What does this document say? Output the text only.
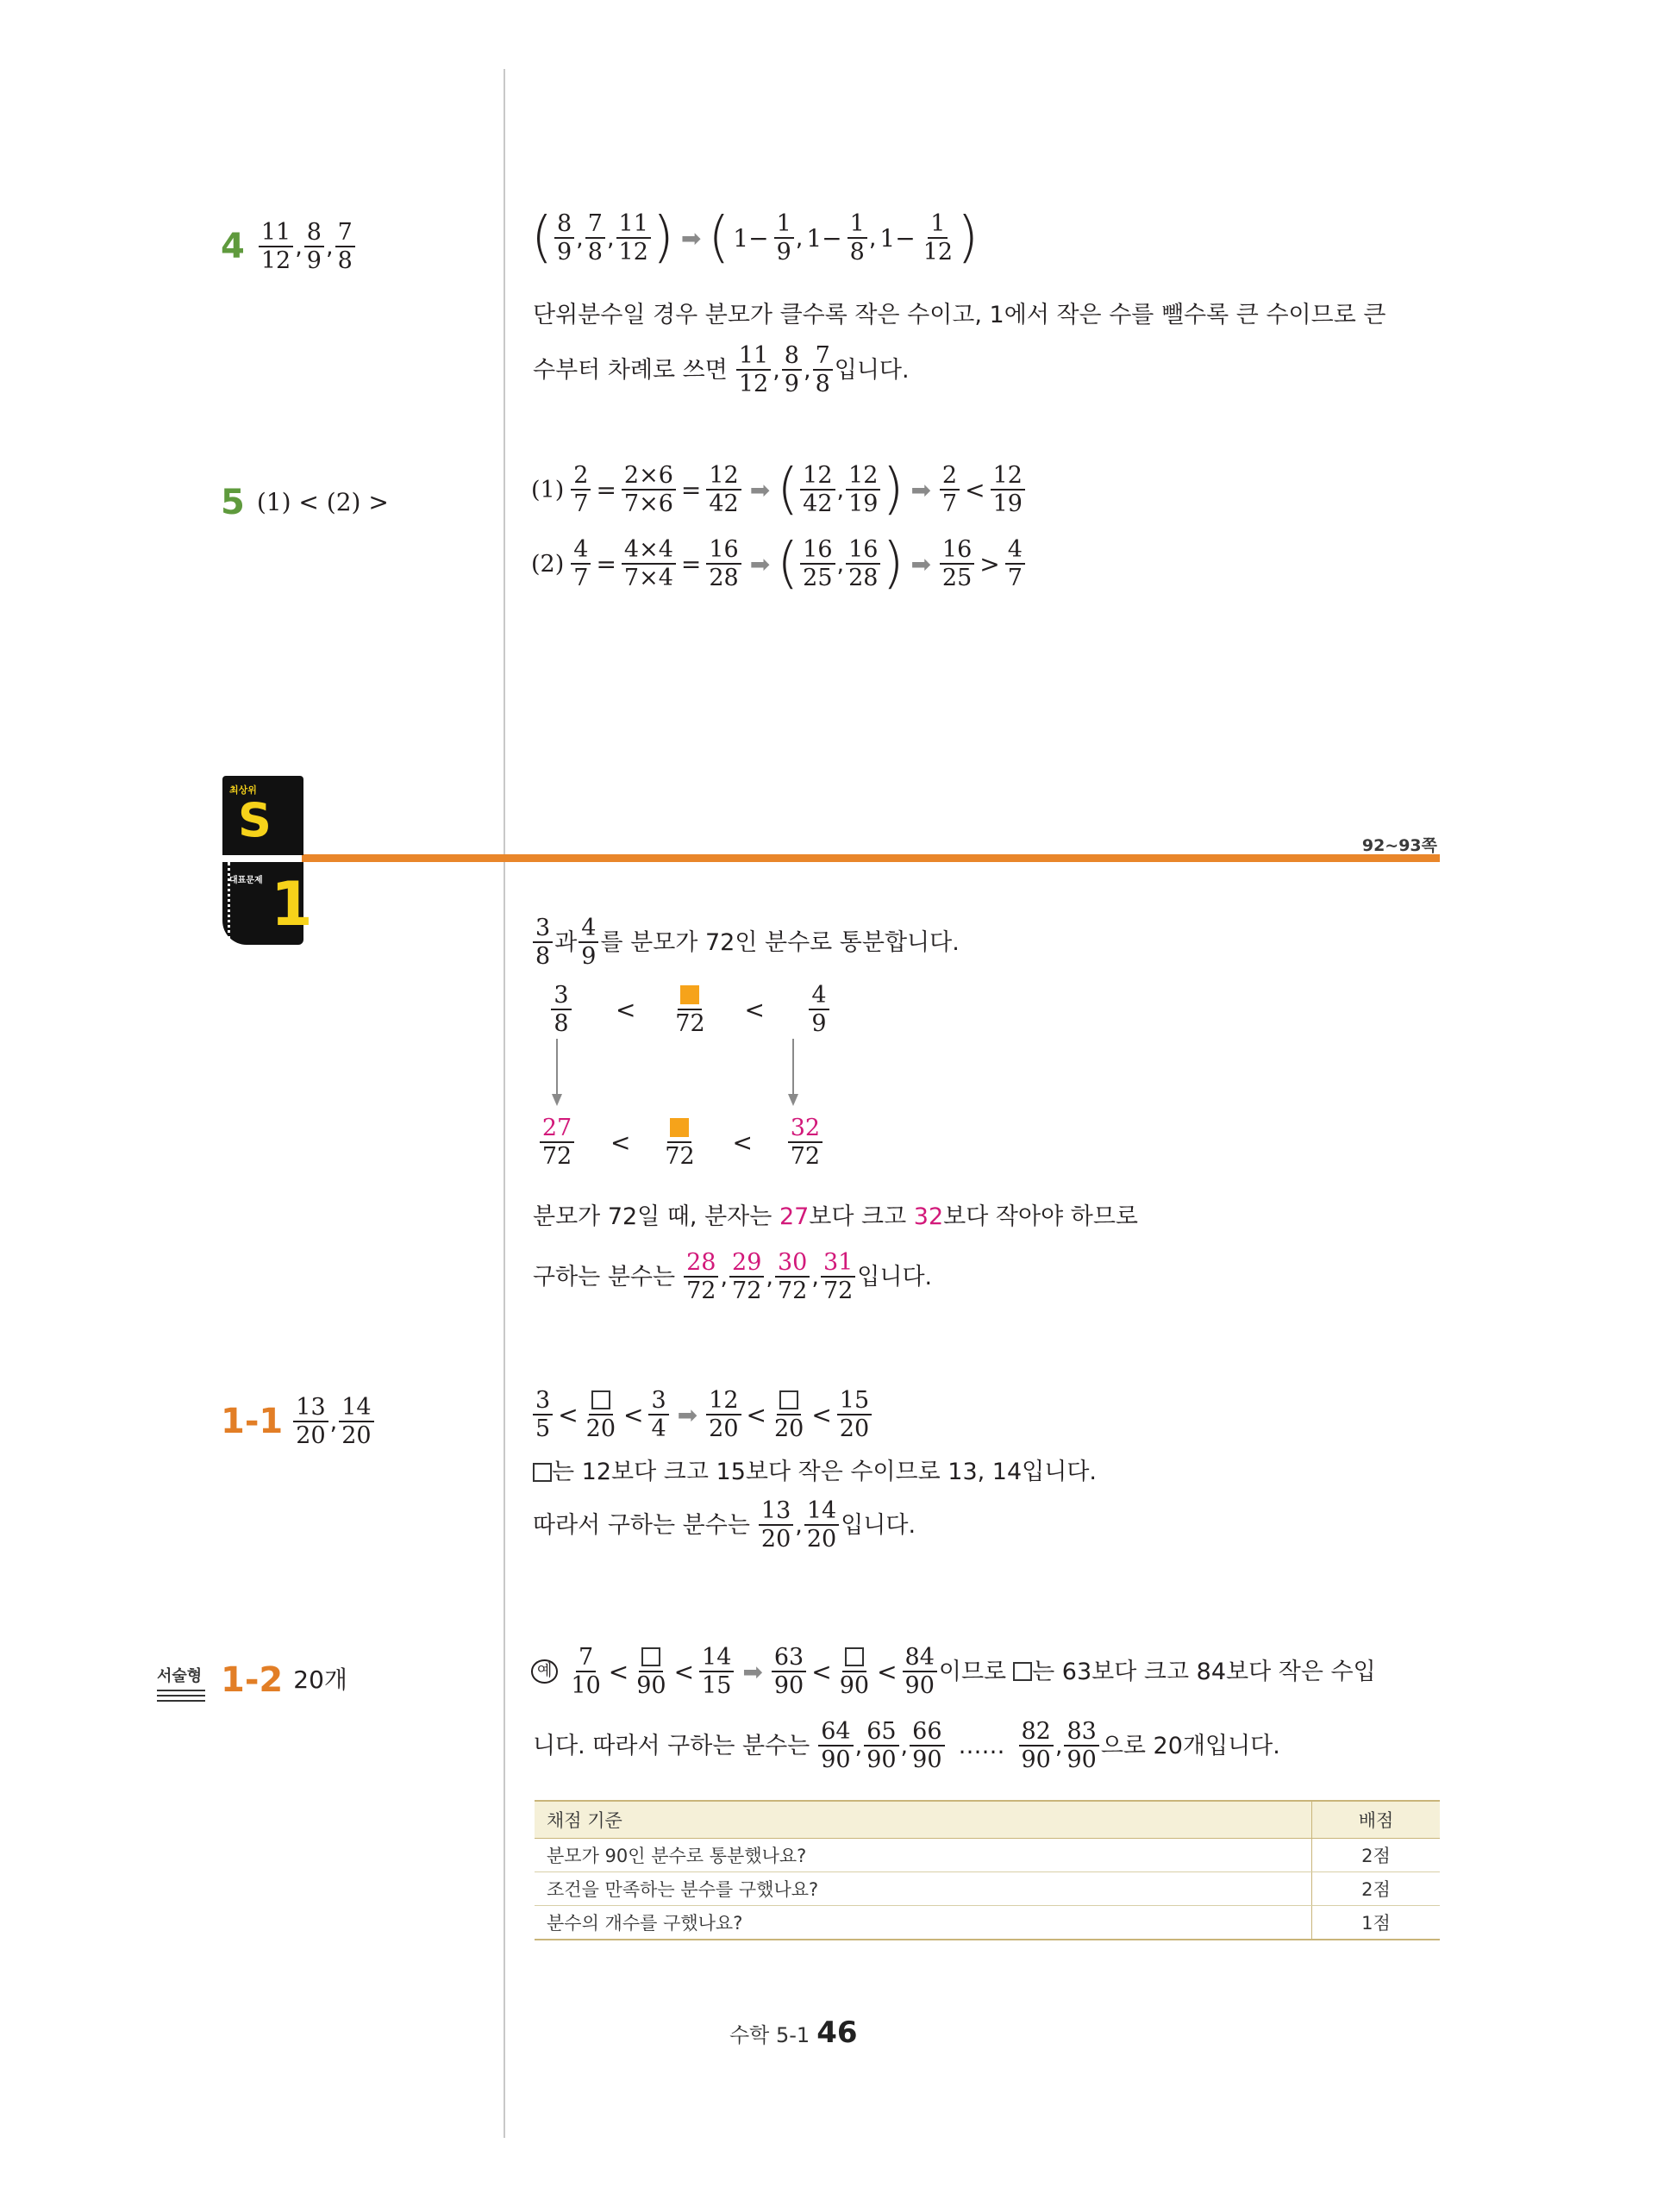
$4 \frac{11}{12}$ , $\frac{8}{9}$ , $\frac{7}{8}$	( $\frac{8}{9}$ , $\frac{7}{8}$ , $\frac{11}{12}$ ) ➡ ( $1- \frac{1}{9}$ , $1- \frac{1}{8}$ , $1- \frac{1}{12}$ )
단위분수일 경우 분모가 클수록 작은 수이고, 1에서 작은 수를 뺄수록 큰 수이므로 큰
수부터 차례로 쓰면 $\frac{11}{12}$ , $\frac{8}{9}$ , $\frac{7}{8}$ 입니다.
5 (1) < (2) >	$(1) \frac{2}{7} = \frac{2\times 6}{7\times 6} = \frac{12}{42}$ ➡ ( $\frac{12}{42}$ , $\frac{12}{19}$ ) ➡ $\frac{2}{7} < \frac{12}{19}$
$(2) \frac{4}{7} = \frac{4\times 4}{7\times 4} = \frac{16}{28}$ ➡ ( $\frac{16}{25}$ , $\frac{16}{28}$ ) ➡ $\frac{16}{25} > \frac{4}{7}$
92~93쪽
최상위
S
대표문제 1
$\frac{3}{8}$ 과 $\frac{4}{9}$ 를 분모가 72인 분수로 통분합니다.
$\frac{3}{8} < 72 < \frac{4}{9}$
$\frac{27}{72} < 72 < \frac{32}{72}$
분모가 72일 때, 분자는 27보다 크고 32보다 작아야 하므로
구하는 분수는 $\frac{28}{72}$ , $\frac{29}{72}$ , $\frac{30}{72}$ , $\frac{31}{72}$ 입니다.
$1-1 \frac{13}{20}$ , $\frac{14}{20}$	$\frac{3}{5} < 20 < \frac{3}{4}$ ➡ $\frac{12}{20} < 20 < \frac{15}{20}$
는 12보다 크고 15보다 작은 수이므로 13, 14입니다.
따라서 구하는 분수는 $\frac{13}{20}$ , $\frac{14}{20}$ 입니다.
서술형 1-2 20개	예 $\frac{7}{10} < 90 < \frac{14}{15}$ ➡ $\frac{63}{90} < 90 < \frac{84}{90}$ 이므로 는 63보다 크고 84보다 작은 수입
니다. 따라서 구하는 분수는 $\frac{64}{90}$ , $\frac{65}{90}$ , $\frac{66}{90}$ …… $\frac{82}{90}$ , $\frac{83}{90}$ 으로 20개입니다.
채점 기준	배점
분모가 90인 분수로 통분했나요?	2점
조건을 만족하는 분수를 구했나요?	2점
분수의 개수를 구했나요?	1점
수학 5-1 46
